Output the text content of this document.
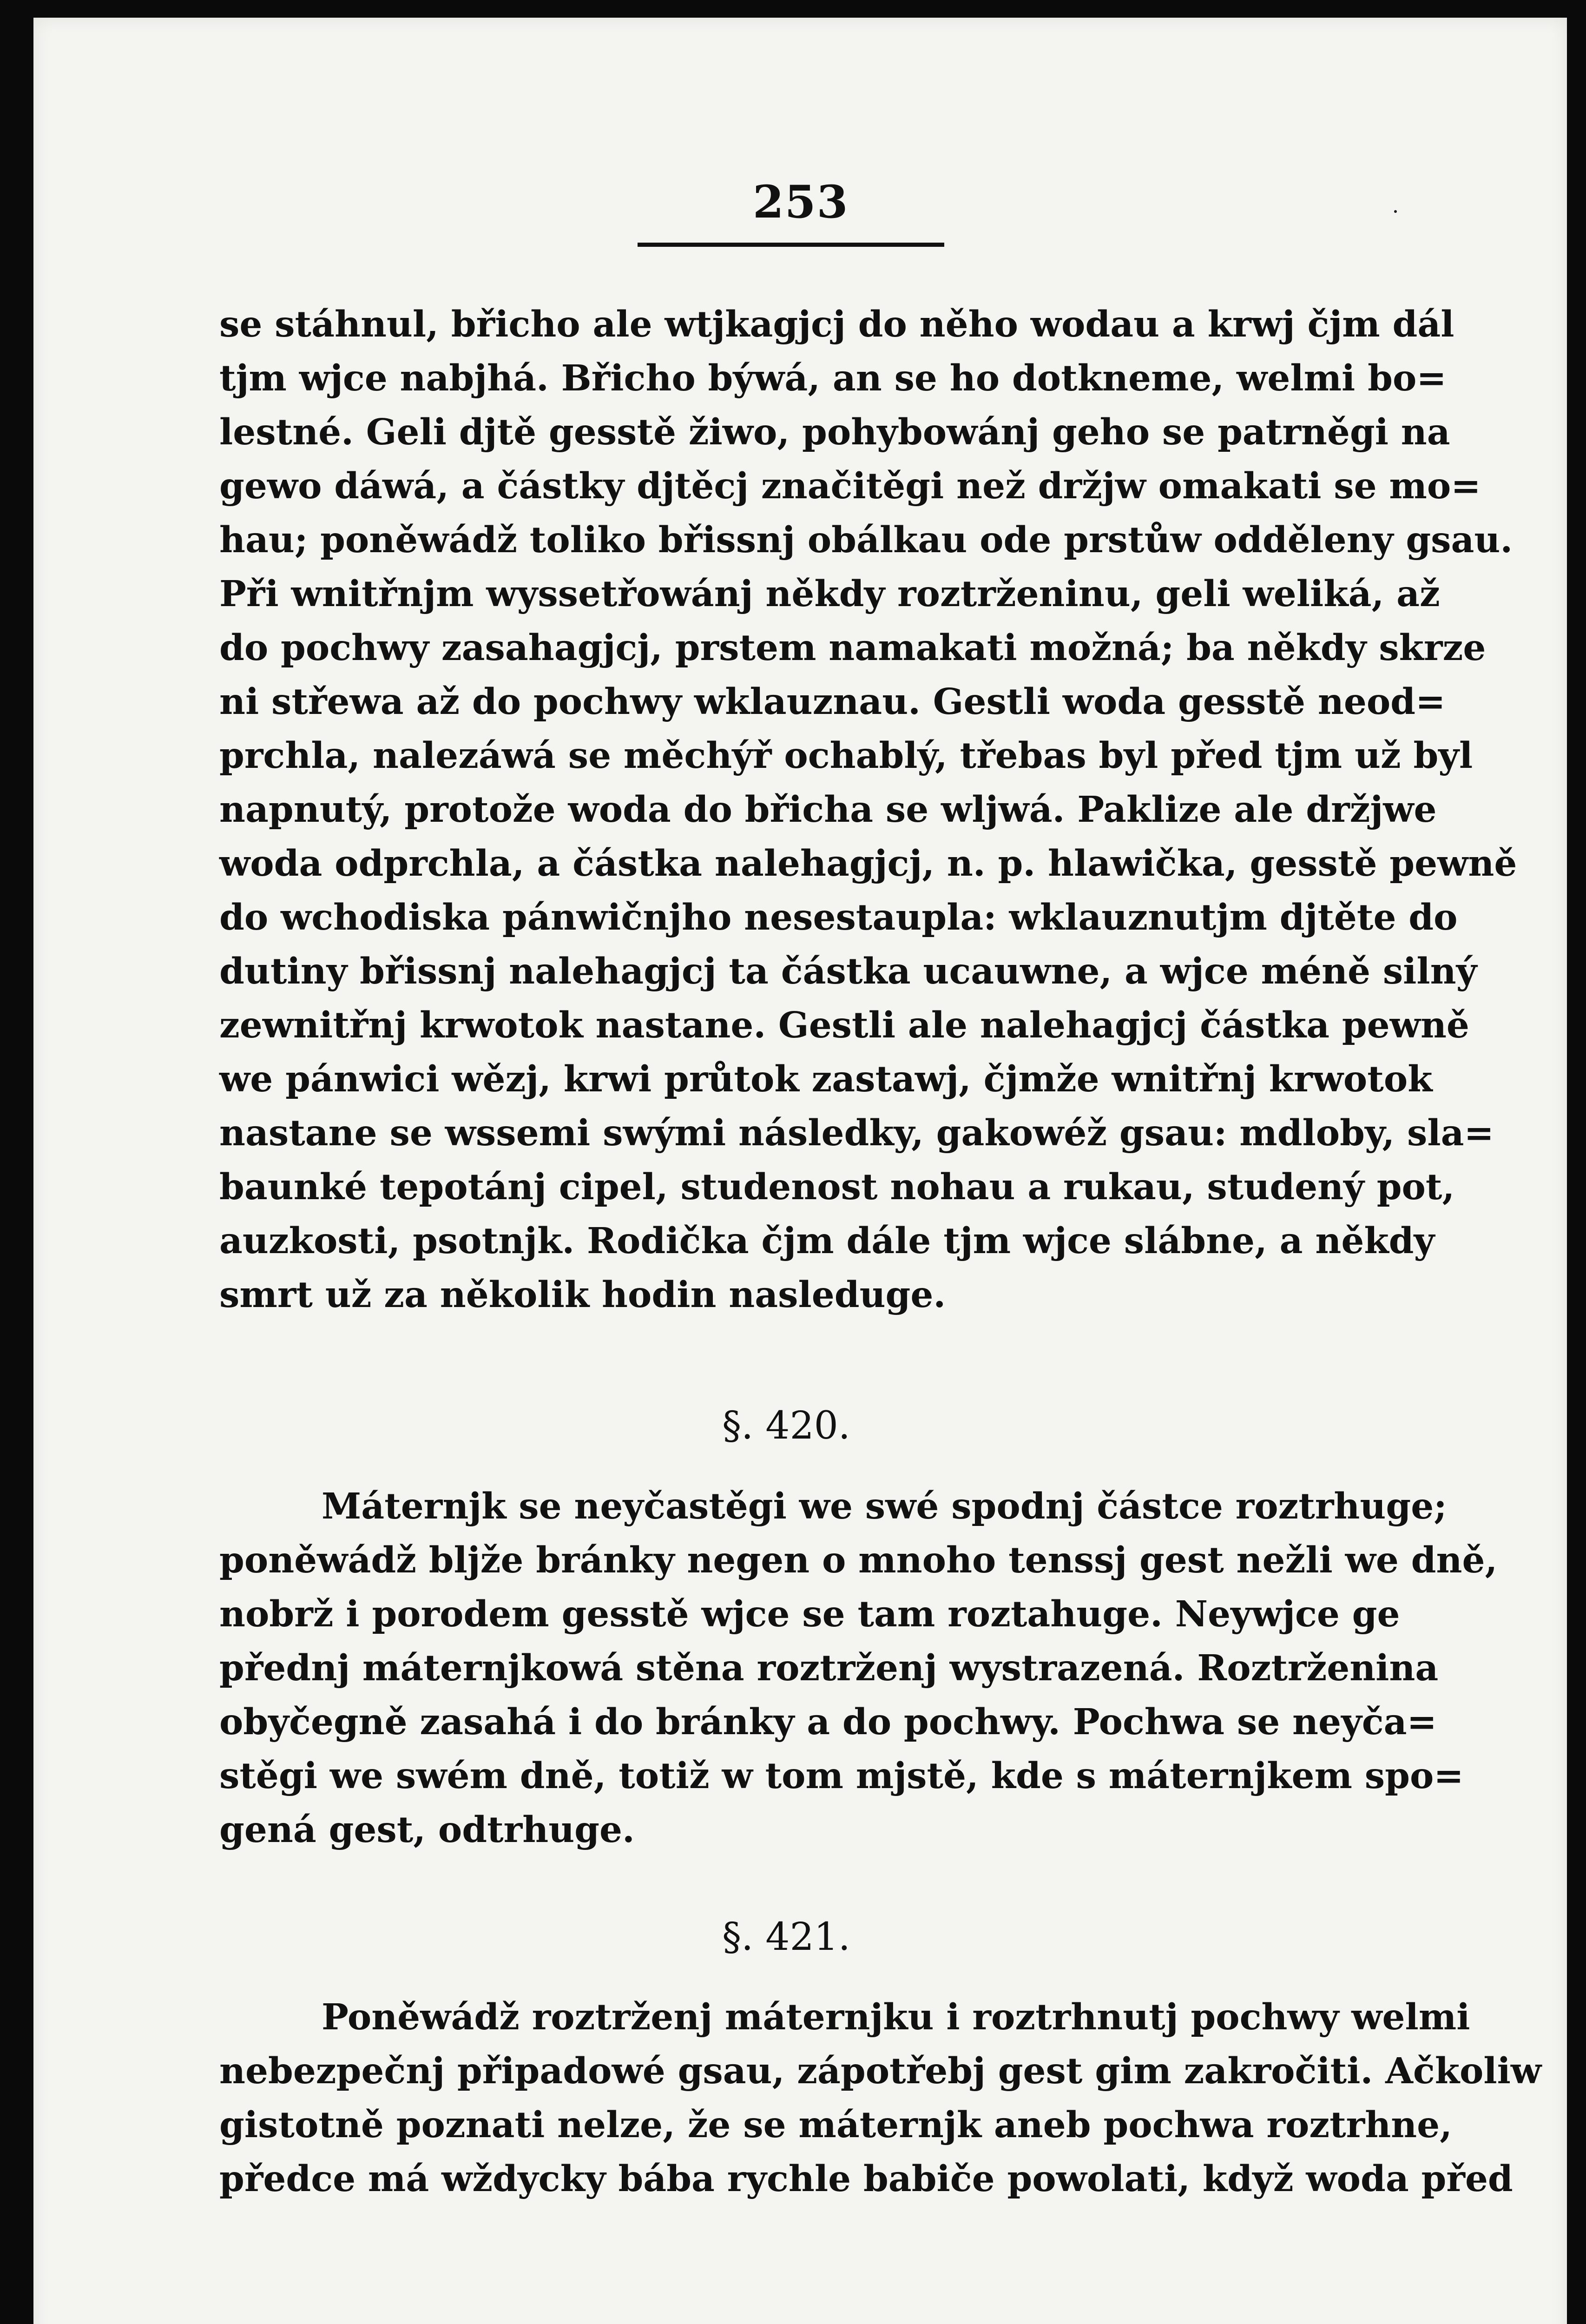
253
se stáhnul, břicho ale wtjkagjcj do něho wodau a krwj čjm dál
tjm wjce nabjhá. Břicho býwá, an se ho dotkneme, welmi bo=
lestné. Geli djtě gesstě žiwo, pohybowánj geho se patrněgi na
gewo dáwá, a částky djtěcj značitěgi než držjw omakati se mo=
hau; poněwádž toliko břissnj obálkau ode prstůw odděleny gsau.
Při wnitřnjm wyssetřowánj někdy roztrženinu, geli weliká, až
do pochwy zasahagjcj, prstem namakati možná; ba někdy skrze
ni střewa až do pochwy wklauznau. Gestli woda gesstě neod=
prchla, nalezáwá se měchýř ochablý, třebas byl před tjm už byl
napnutý, protože woda do břicha se wljwá. Paklize ale držjwe
woda odprchla, a částka nalehagjcj, n. p. hlawička, gesstě pewně
do wchodiska pánwičnjho nesestaupla: wklauznutjm djtěte do
dutiny břissnj nalehagjcj ta částka ucauwne, a wjce méně silný
zewnitřnj krwotok nastane. Gestli ale nalehagjcj částka pewně
we pánwici wězj, krwi průtok zastawj, čjmže wnitřnj krwotok
nastane se wssemi swými následky, gakowéž gsau: mdloby, sla=
baunké tepotánj cipel, studenost nohau a rukau, studený pot,
auzkosti, psotnjk. Rodička čjm dále tjm wjce slábne, a někdy
smrt už za několik hodin nasleduge.
§. 420.
Máternjk se neyčastěgi we swé spodnj částce roztrhuge;
poněwádž bljže bránky negen o mnoho tenssj gest nežli we dně,
nobrž i porodem gesstě wjce se tam roztahuge. Neywjce ge
přednj máternjkowá stěna roztrženj wystrazená. Roztrženina
obyčegně zasahá i do bránky a do pochwy. Pochwa se neyča=
stěgi we swém dně, totiž w tom mjstě, kde s máternjkem spo=
gená gest, odtrhuge.
§. 421.
Poněwádž roztrženj máternjku i roztrhnutj pochwy welmi
nebezpečnj připadowé gsau, zápotřebj gest gim zakročiti. Ačkoliw
gistotně poznati nelze, že se máternjk aneb pochwa roztrhne,
předce má wždycky bába rychle babiče powolati, když woda před
